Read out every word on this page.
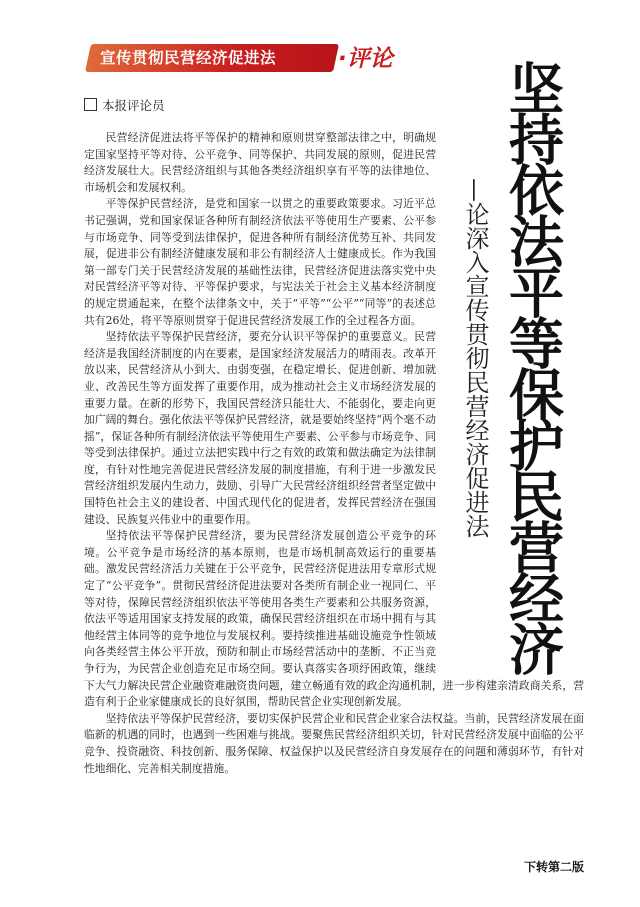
宣传贯彻民营经济促进法	·评论
本报评论员	坚持依法平等保护民营经济
—论深入宣传贯彻民营经济促进法

民营经济促进法将平等保护的精神和原则贯穿整部法律之中，明确规定国家坚持平等对待、公平竞争、同等保护、共同发展的原则，促进民营经济发展壮大。民营经济组织与其他各类经济组织享有平等的法律地位、市场机会和发展权利。

平等保护民营经济，是党和国家一以贯之的重要政策要求。习近平总书记强调，党和国家保证各种所有制经济依法平等使用生产要素、公平参与市场竞争、同等受到法律保护，促进各种所有制经济优势互补、共同发展，促进非公有制经济健康发展和非公有制经济人士健康成长。作为我国第一部专门关于民营经济发展的基础性法律，民营经济促进法落实党中央对民营经济平等对待、平等保护要求，与宪法关于社会主义基本经济制度的规定贯通起来，在整个法律条文中，关于“平等”“公平”“同等”的表述总共有26处，将平等原则贯穿于促进民营经济发展工作的全过程各方面。

坚持依法平等保护民营经济，要充分认识平等保护的重要意义。民营经济是我国经济制度的内在要素，是国家经济发展活力的晴雨表。改革开放以来，民营经济从小到大、由弱变强，在稳定增长、促进创新、增加就业、改善民生等方面发挥了重要作用，成为推动社会主义市场经济发展的重要力量。在新的形势下，我国民营经济只能壮大、不能弱化，要走向更加广阔的舞台。强化依法平等保护民营经济，就是要始终坚持“两个毫不动摇”，保证各种所有制经济依法平等使用生产要素、公平参与市场竞争、同等受到法律保护。通过立法把实践中行之有效的政策和做法确定为法律制度，有针对性地完善促进民营经济发展的制度措施，有利于进一步激发民营经济组织发展内生动力，鼓励、引导广大民营经济组织经营者坚定做中国特色社会主义的建设者、中国式现代化的促进者，发挥民营经济在强国建设、民族复兴伟业中的重要作用。

坚持依法平等保护民营经济，要为民营经济发展创造公平竞争的环境。公平竞争是市场经济的基本原则，也是市场机制高效运行的重要基础。激发民营经济活力关键在于公平竞争，民营经济促进法用专章形式规定了“公平竞争”。贯彻民营经济促进法要对各类所有制企业一视同仁、平等对待，保障民营经济组织依法平等使用各类生产要素和公共服务资源，依法平等适用国家支持发展的政策，确保民营经济组织在市场中拥有与其他经营主体同等的竞争地位与发展权利。要持续推进基础设施竞争性领域向各类经营主体公平开放，预防和制止市场经营活动中的垄断、不正当竞争行为，为民营企业创造充足市场空间。要认真落实各项纾困政策，继续下大气力解决民营企业融资难融资贵问题，建立畅通有效的政企沟通机制，进一步构建亲清政商关系，营造有利于企业家健康成长的良好氛围，帮助民营企业实现创新发展。

坚持依法平等保护民营经济，要切实保护民营企业和民营企业家合法权益。当前，民营经济发展在面临新的机遇的同时，也遇到一些困难与挑战。要聚焦民营经济组织关切，针对民营经济发展中面临的公平竞争、投资融资、科技创新、服务保障、权益保护以及民营经济自身发展存在的问题和薄弱环节，有针对性地细化、完善相关制度措施。

下转第二版
